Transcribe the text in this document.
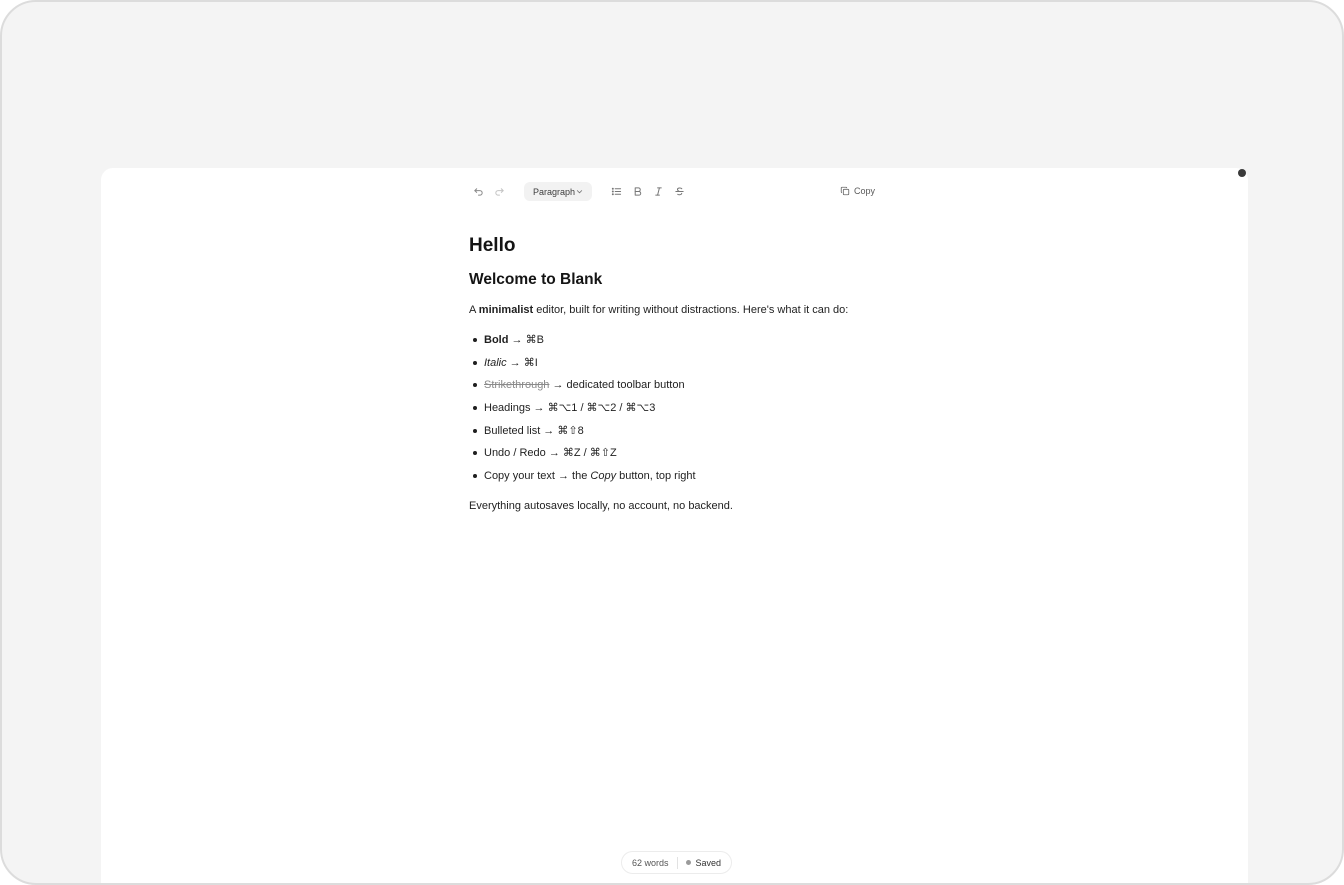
Paragraph	Copy
Hello
Welcome to Blank
A minimalist editor, built for writing without distractions. Here's what it can do:
Bold → ⌘B
Italic → ⌘I
Strikethrough → dedicated toolbar button
Headings → ⌘⌥1 / ⌘⌥2 / ⌘⌥3
Bulleted list → ⌘⇧8
Undo / Redo → ⌘Z / ⌘⇧Z
Copy your text → the Copy button, top right
Everything autosaves locally, no account, no backend.
62 words	Saved
